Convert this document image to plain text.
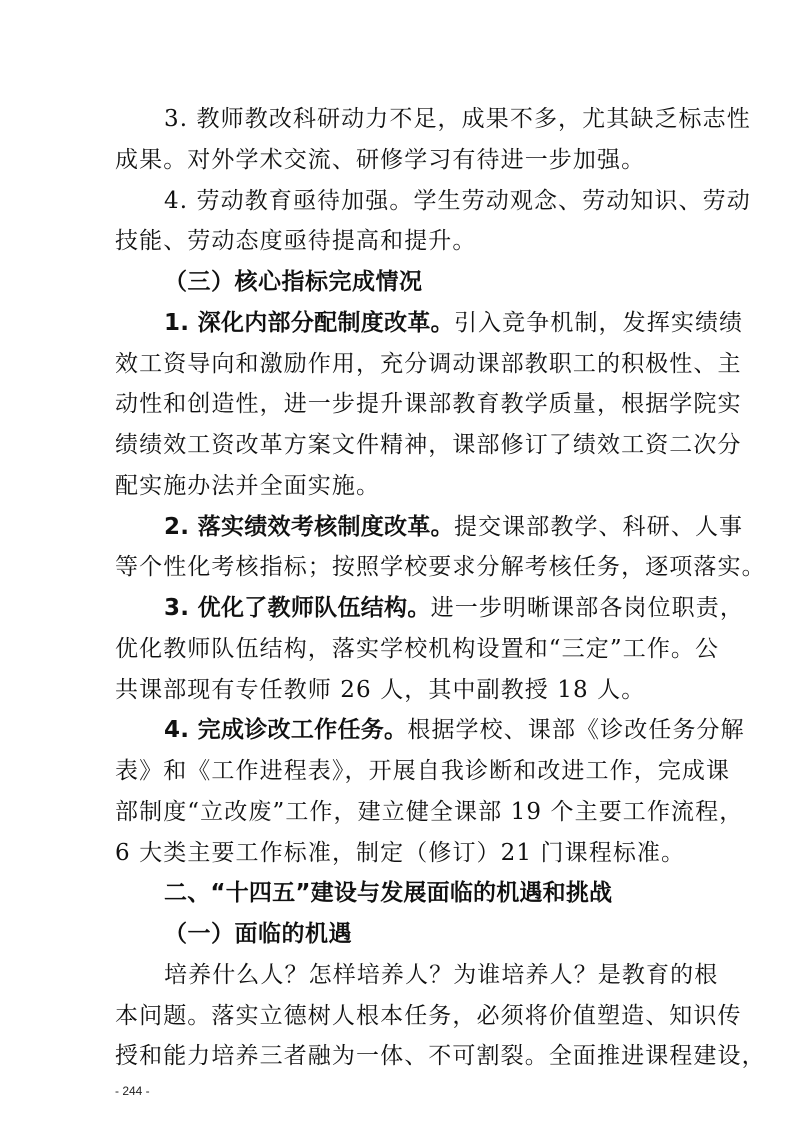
3. 教师教改科研动力不足，成果不多，尤其缺乏标志性
成果。对外学术交流、研修学习有待进一步加强。
4. 劳动教育亟待加强。学生劳动观念、劳动知识、劳动
技能、劳动态度亟待提高和提升。
（三）核心指标完成情况
1. 深化内部分配制度改革。引入竞争机制，发挥实绩绩
效工资导向和激励作用，充分调动课部教职工的积极性、主
动性和创造性，进一步提升课部教育教学质量，根据学院实
绩绩效工资改革方案文件精神，课部修订了绩效工资二次分
配实施办法并全面实施。
2. 落实绩效考核制度改革。提交课部教学、科研、人事
等个性化考核指标；按照学校要求分解考核任务，逐项落实。
3. 优化了教师队伍结构。进一步明晰课部各岗位职责，
优化教师队伍结构，落实学校机构设置和“三定”工作。公
共课部现有专任教师 26 人，其中副教授 18 人。
4. 完成诊改工作任务。根据学校、课部《诊改任务分解
表》和《工作进程表》，开展自我诊断和改进工作，完成课
部制度“立改废”工作，建立健全课部 19 个主要工作流程，
6 大类主要工作标准，制定（修订）21 门课程标准。
二、“十四五”建设与发展面临的机遇和挑战
（一）面临的机遇
培养什么人？怎样培养人？为谁培养人？是教育的根
本问题。落实立德树人根本任务，必须将价值塑造、知识传
授和能力培养三者融为一体、不可割裂。全面推进课程建设，
- 244 -
